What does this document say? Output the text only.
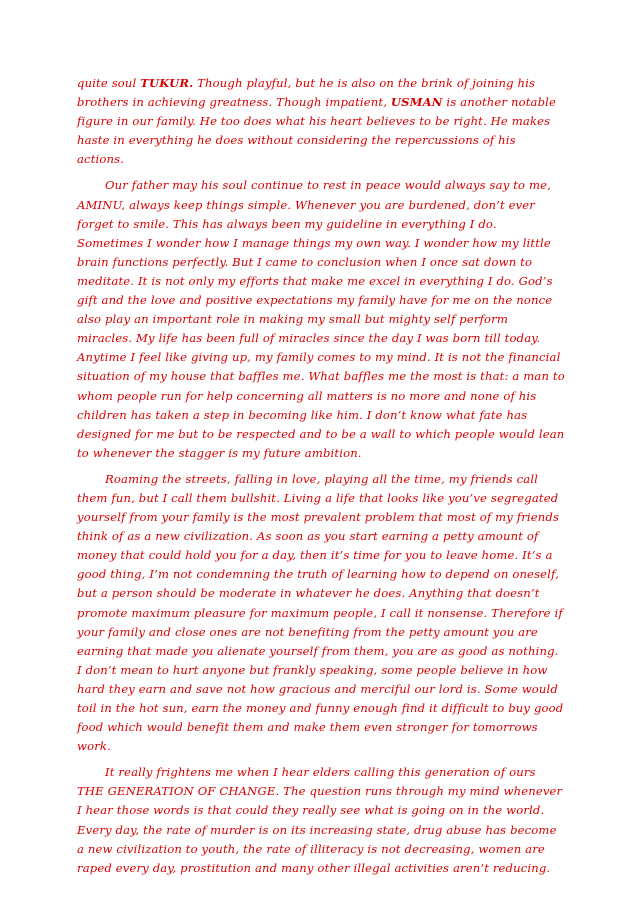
quite soul TUKUR. Though playful, but he is also on the brink of joining his brothers in achieving greatness. Though impatient, USMAN is another notable figure in our family. He too does what his heart believes to be right. He makes haste in everything he does without considering the repercussions of his actions.

Our father may his soul continue to rest in peace would always say to me, AMINU, always keep things simple. Whenever you are burdened, don’t ever forget to smile. This has always been my guideline in everything I do. Sometimes I wonder how I manage things my own way. I wonder how my little brain functions perfectly. But I came to conclusion when I once sat down to meditate. It is not only my efforts that make me excel in everything I do. God’s gift and the love and positive expectations my family have for me on the nonce also play an important role in making my small but mighty self perform miracles. My life has been full of miracles since the day I was born till today. Anytime I feel like giving up, my family comes to my mind. It is not the financial situation of my house that baffles me. What baffles me the most is that: a man to whom people run for help concerning all matters is no more and none of his children has taken a step in becoming like him. I don’t know what fate has designed for me but to be respected and to be a wall to which people would lean to whenever the stagger is my future ambition.

Roaming the streets, falling in love, playing all the time, my friends call them fun, but I call them bullshit. Living a life that looks like you’ve segregated yourself from your family is the most prevalent problem that most of my friends think of as a new civilization. As soon as you start earning a petty amount of money that could hold you for a day, then it’s time for you to leave home. It’s a good thing, I’m not condemning the truth of learning how to depend on oneself, but a person should be moderate in whatever he does. Anything that doesn’t promote maximum pleasure for maximum people, I call it nonsense. Therefore if your family and close ones are not benefiting from the petty amount you are earning that made you alienate yourself from them, you are as good as nothing. I don’t mean to hurt anyone but frankly speaking, some people believe in how hard they earn and save not how gracious and merciful our lord is. Some would toil in the hot sun, earn the money and funny enough find it difficult to buy good food which would benefit them and make them even stronger for tomorrows work.

It really frightens me when I hear elders calling this generation of ours THE GENERATION OF CHANGE. The question runs through my mind whenever I hear those words is that could they really see what is going on in the world. Every day, the rate of murder is on its increasing state, drug abuse has become a new civilization to youth, the rate of illiteracy is not decreasing, women are raped every day, prostitution and many other illegal activities aren’t reducing.
